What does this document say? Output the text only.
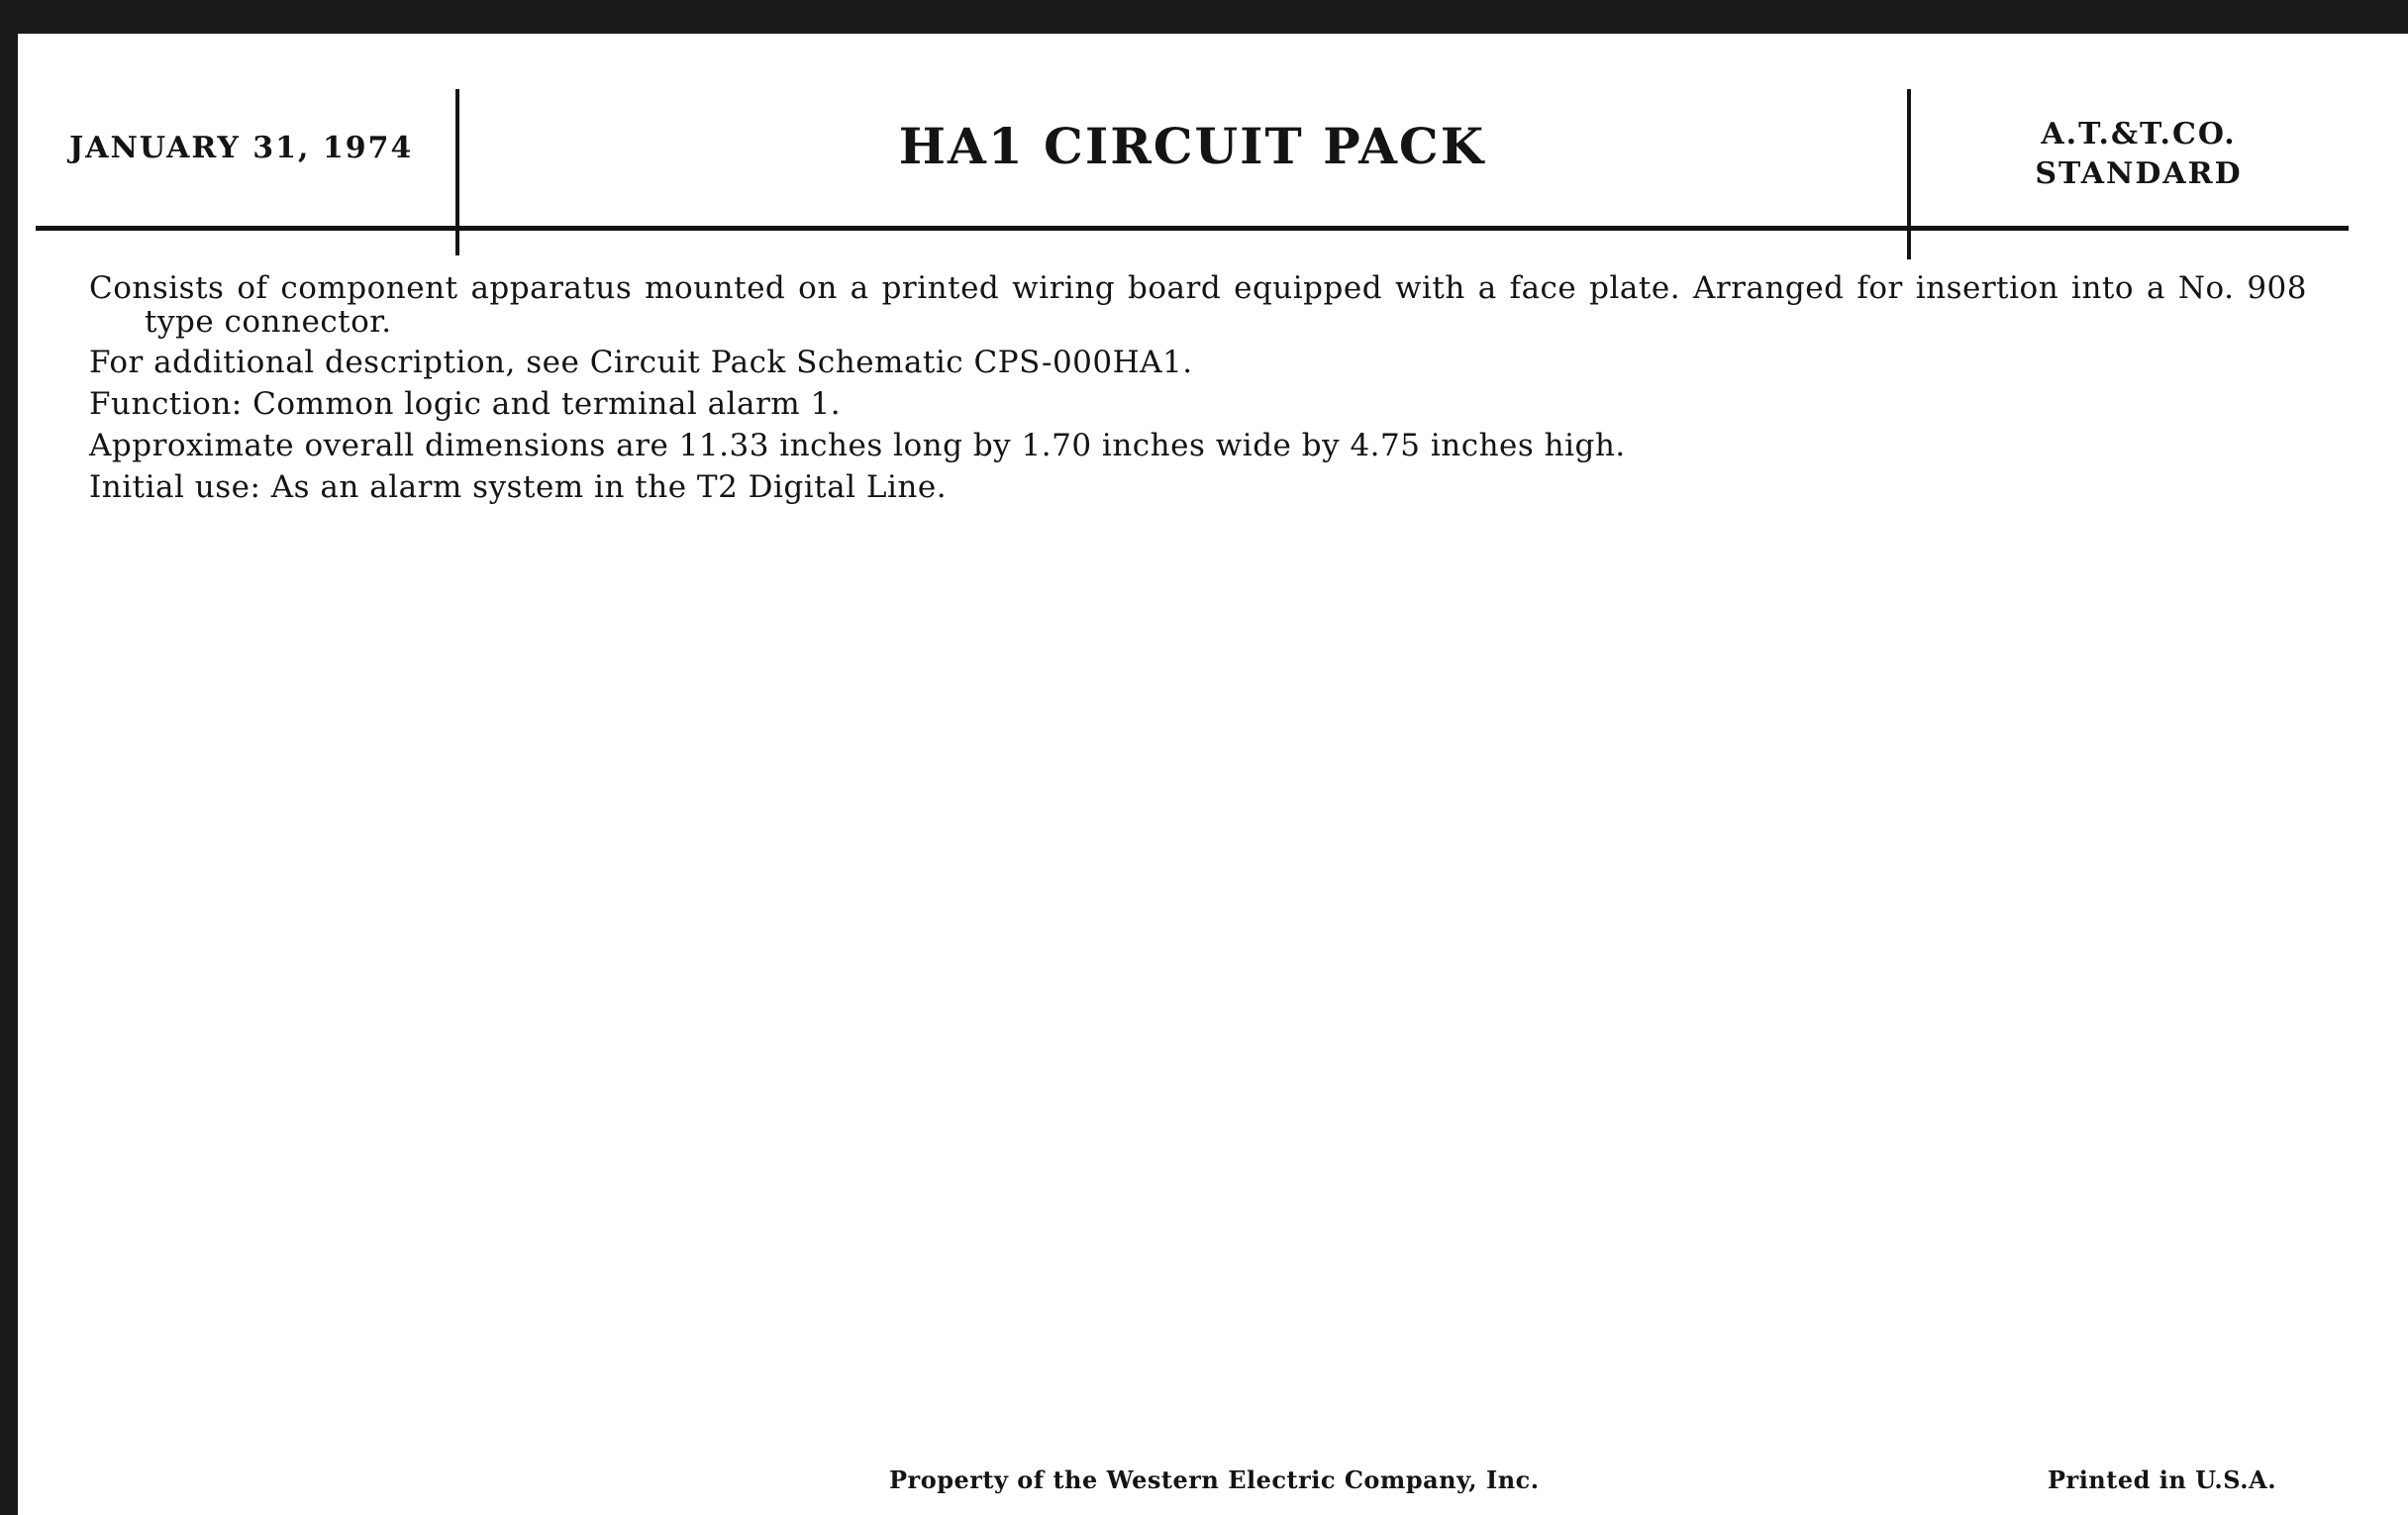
JANUARY 31, 1974	HA1 CIRCUIT PACK	A.T.&T.CO.
STANDARD

Consists of component apparatus mounted on a printed wiring board equipped with a face plate. Arranged for insertion into a No. 908 type connector.

For additional description, see Circuit Pack Schematic CPS-000HA1.

Function: Common logic and terminal alarm 1.

Approximate overall dimensions are 11.33 inches long by 1.70 inches wide by 4.75 inches high.

Initial use: As an alarm system in the T2 Digital Line.

Property of the Western Electric Company, Inc.	Printed in U.S.A.
